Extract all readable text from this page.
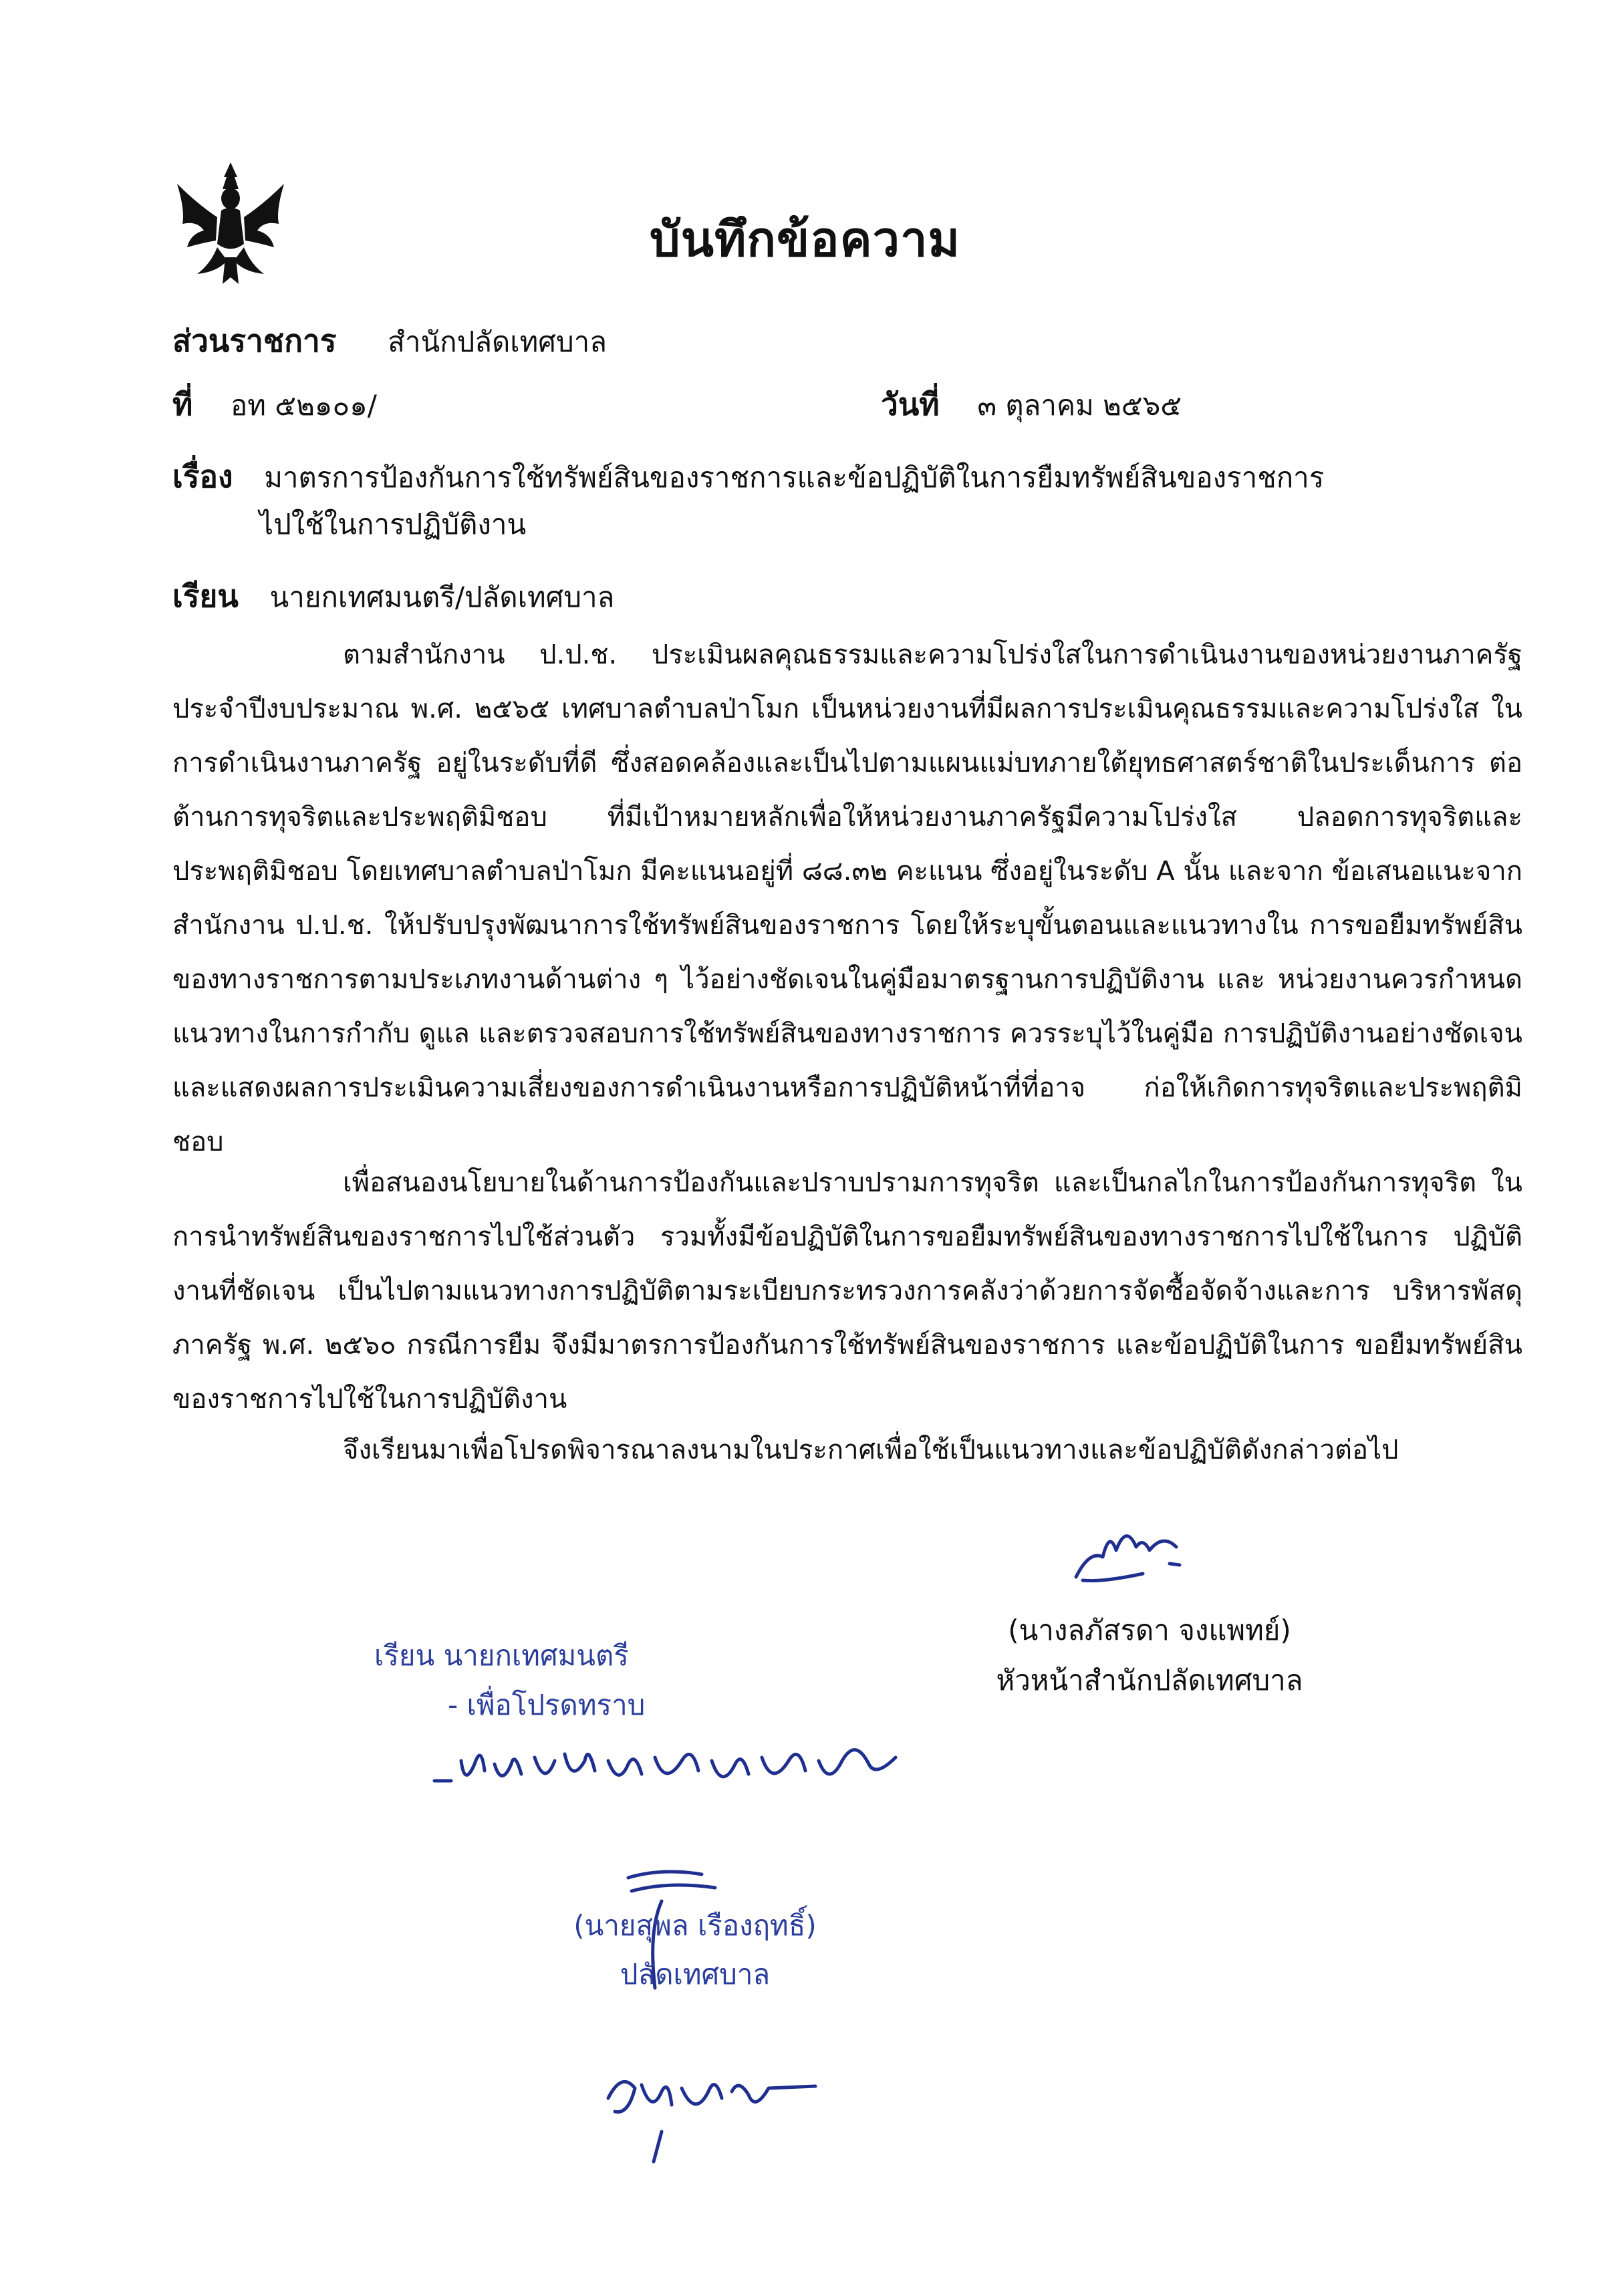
บันทึกข้อความ
ส่วนราชการ สำนักปลัดเทศบาล
ที่ อท ๕๒๑๐๑/	วันที่ ๓ ตุลาคม ๒๕๖๕
เรื่อง มาตรการป้องกันการใช้ทรัพย์สินของราชการและข้อปฏิบัติในการยืมทรัพย์สินของราชการ
ไปใช้ในการปฏิบัติงาน
เรียน นายกเทศมนตรี/ปลัดเทศบาล

ตามสำนักงาน ป.ป.ช. ประเมินผลคุณธรรมและความโปร่งใสในการดำเนินงานของหน่วยงานภาครัฐ ประจำปีงบประมาณ พ.ศ. ๒๕๖๕ เทศบาลตำบลป่าโมก เป็นหน่วยงานที่มีผลการประเมินคุณธรรมและความโปร่งใส ในการดำเนินงานภาครัฐ อยู่ในระดับที่ดี ซึ่งสอดคล้องและเป็นไปตามแผนแม่บทภายใต้ยุทธศาสตร์ชาติในประเด็นการ ต่อต้านการทุจริตและประพฤติมิชอบ ที่มีเป้าหมายหลักเพื่อให้หน่วยงานภาครัฐมีความโปร่งใส ปลอดการทุจริตและ ประพฤติมิชอบ โดยเทศบาลตำบลป่าโมก มีคะแนนอยู่ที่ ๘๘.๓๒ คะแนน ซึ่งอยู่ในระดับ A นั้น และจาก ข้อเสนอแนะจาก สำนักงาน ป.ป.ช. ให้ปรับปรุงพัฒนาการใช้ทรัพย์สินของราชการ โดยให้ระบุขั้นตอนและแนวทางใน การขอยืมทรัพย์สินของทางราชการตามประเภทงานด้านต่าง ๆ ไว้อย่างชัดเจนในคู่มือมาตรฐานการปฏิบัติงาน และ หน่วยงานควรกำหนดแนวทางในการกำกับ ดูแล และตรวจสอบการใช้ทรัพย์สินของทางราชการ ควรระบุไว้ในคู่มือ การปฏิบัติงานอย่างชัดเจนและแสดงผลการประเมินความเสี่ยงของการดำเนินงานหรือการปฏิบัติหน้าที่ที่อาจ ก่อให้เกิดการทุจริตและประพฤติมิชอบ

เพื่อสนองนโยบายในด้านการป้องกันและปราบปรามการทุจริต และเป็นกลไกในการป้องกันการทุจริต ในการนำทรัพย์สินของราชการไปใช้ส่วนตัว รวมทั้งมีข้อปฏิบัติในการขอยืมทรัพย์สินของทางราชการไปใช้ในการ ปฏิบัติงานที่ชัดเจน เป็นไปตามแนวทางการปฏิบัติตามระเบียบกระทรวงการคลังว่าด้วยการจัดซื้อจัดจ้างและการ บริหารพัสดุภาครัฐ พ.ศ. ๒๕๖๐ กรณีการยืม จึงมีมาตรการป้องกันการใช้ทรัพย์สินของราชการ และข้อปฏิบัติในการ ขอยืมทรัพย์สินของราชการไปใช้ในการปฏิบัติงาน

จึงเรียนมาเพื่อโปรดพิจารณาลงนามในประกาศเพื่อใช้เป็นแนวทางและข้อปฏิบัติดังกล่าวต่อไป

(นางลภัสรดา จงแพทย์)
หัวหน้าสำนักปลัดเทศบาล
เรียน นายกเทศมนตรี
- เพื่อโปรดทราบ
(นายสุพล เรืองฤทธิ์)
ปลัดเทศบาล
